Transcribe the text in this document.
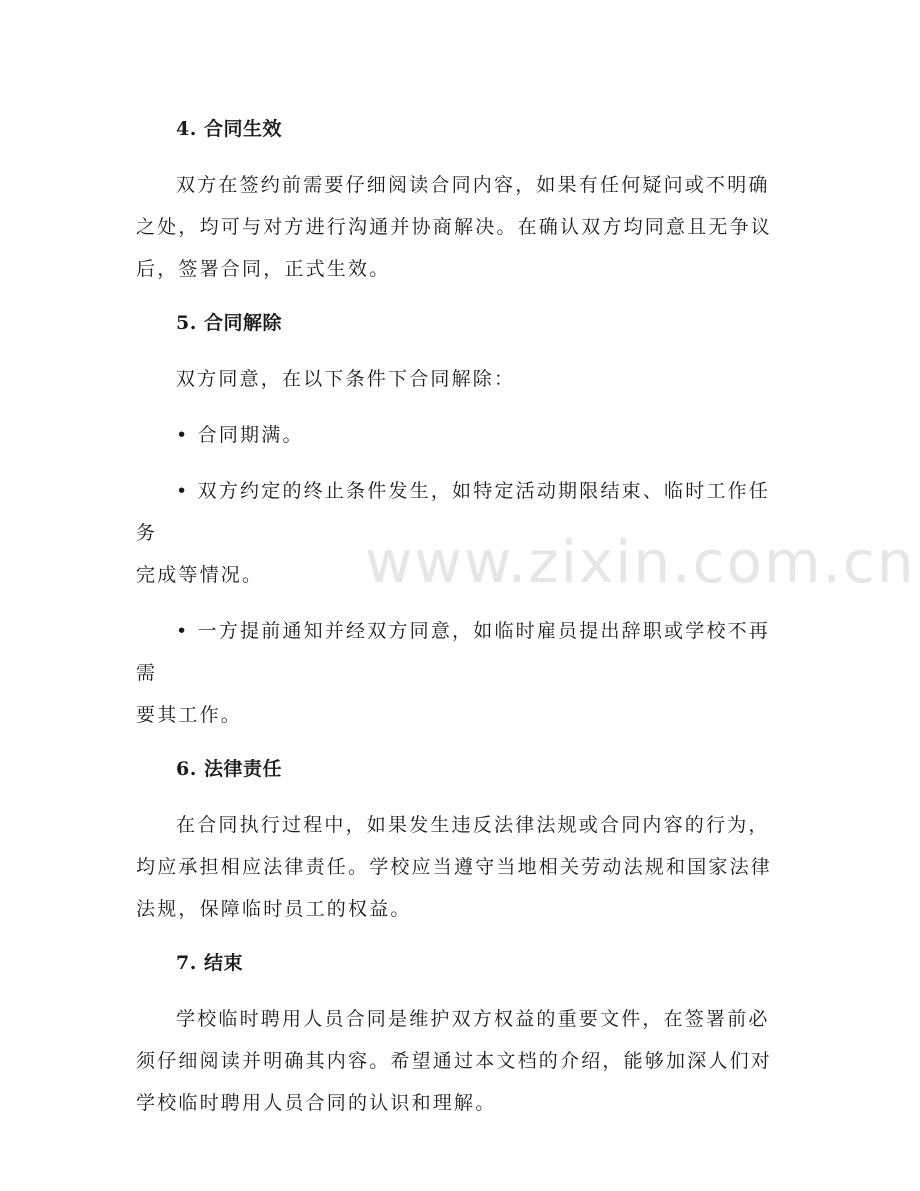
www.zixin.com.cn
4. 合同生效

双方在签约前需要仔细阅读合同内容，如果有任何疑问或不明确

之处，均可与对方进行沟通并协商解决。在确认双方均同意且无争议

后，签署合同，正式生效。

5. 合同解除

双方同意，在以下条件下合同解除：

• 合同期满。

• 双方约定的终止条件发生，如特定活动期限结束、临时工作任务

完成等情况。

• 一方提前通知并经双方同意，如临时雇员提出辞职或学校不再需

要其工作。

6. 法律责任

在合同执行过程中，如果发生违反法律法规或合同内容的行为，

均应承担相应法律责任。学校应当遵守当地相关劳动法规和国家法律

法规，保障临时员工的权益。

7. 结束

学校临时聘用人员合同是维护双方权益的重要文件，在签署前必

须仔细阅读并明确其内容。希望通过本文档的介绍，能够加深人们对

学校临时聘用人员合同的认识和理解。
